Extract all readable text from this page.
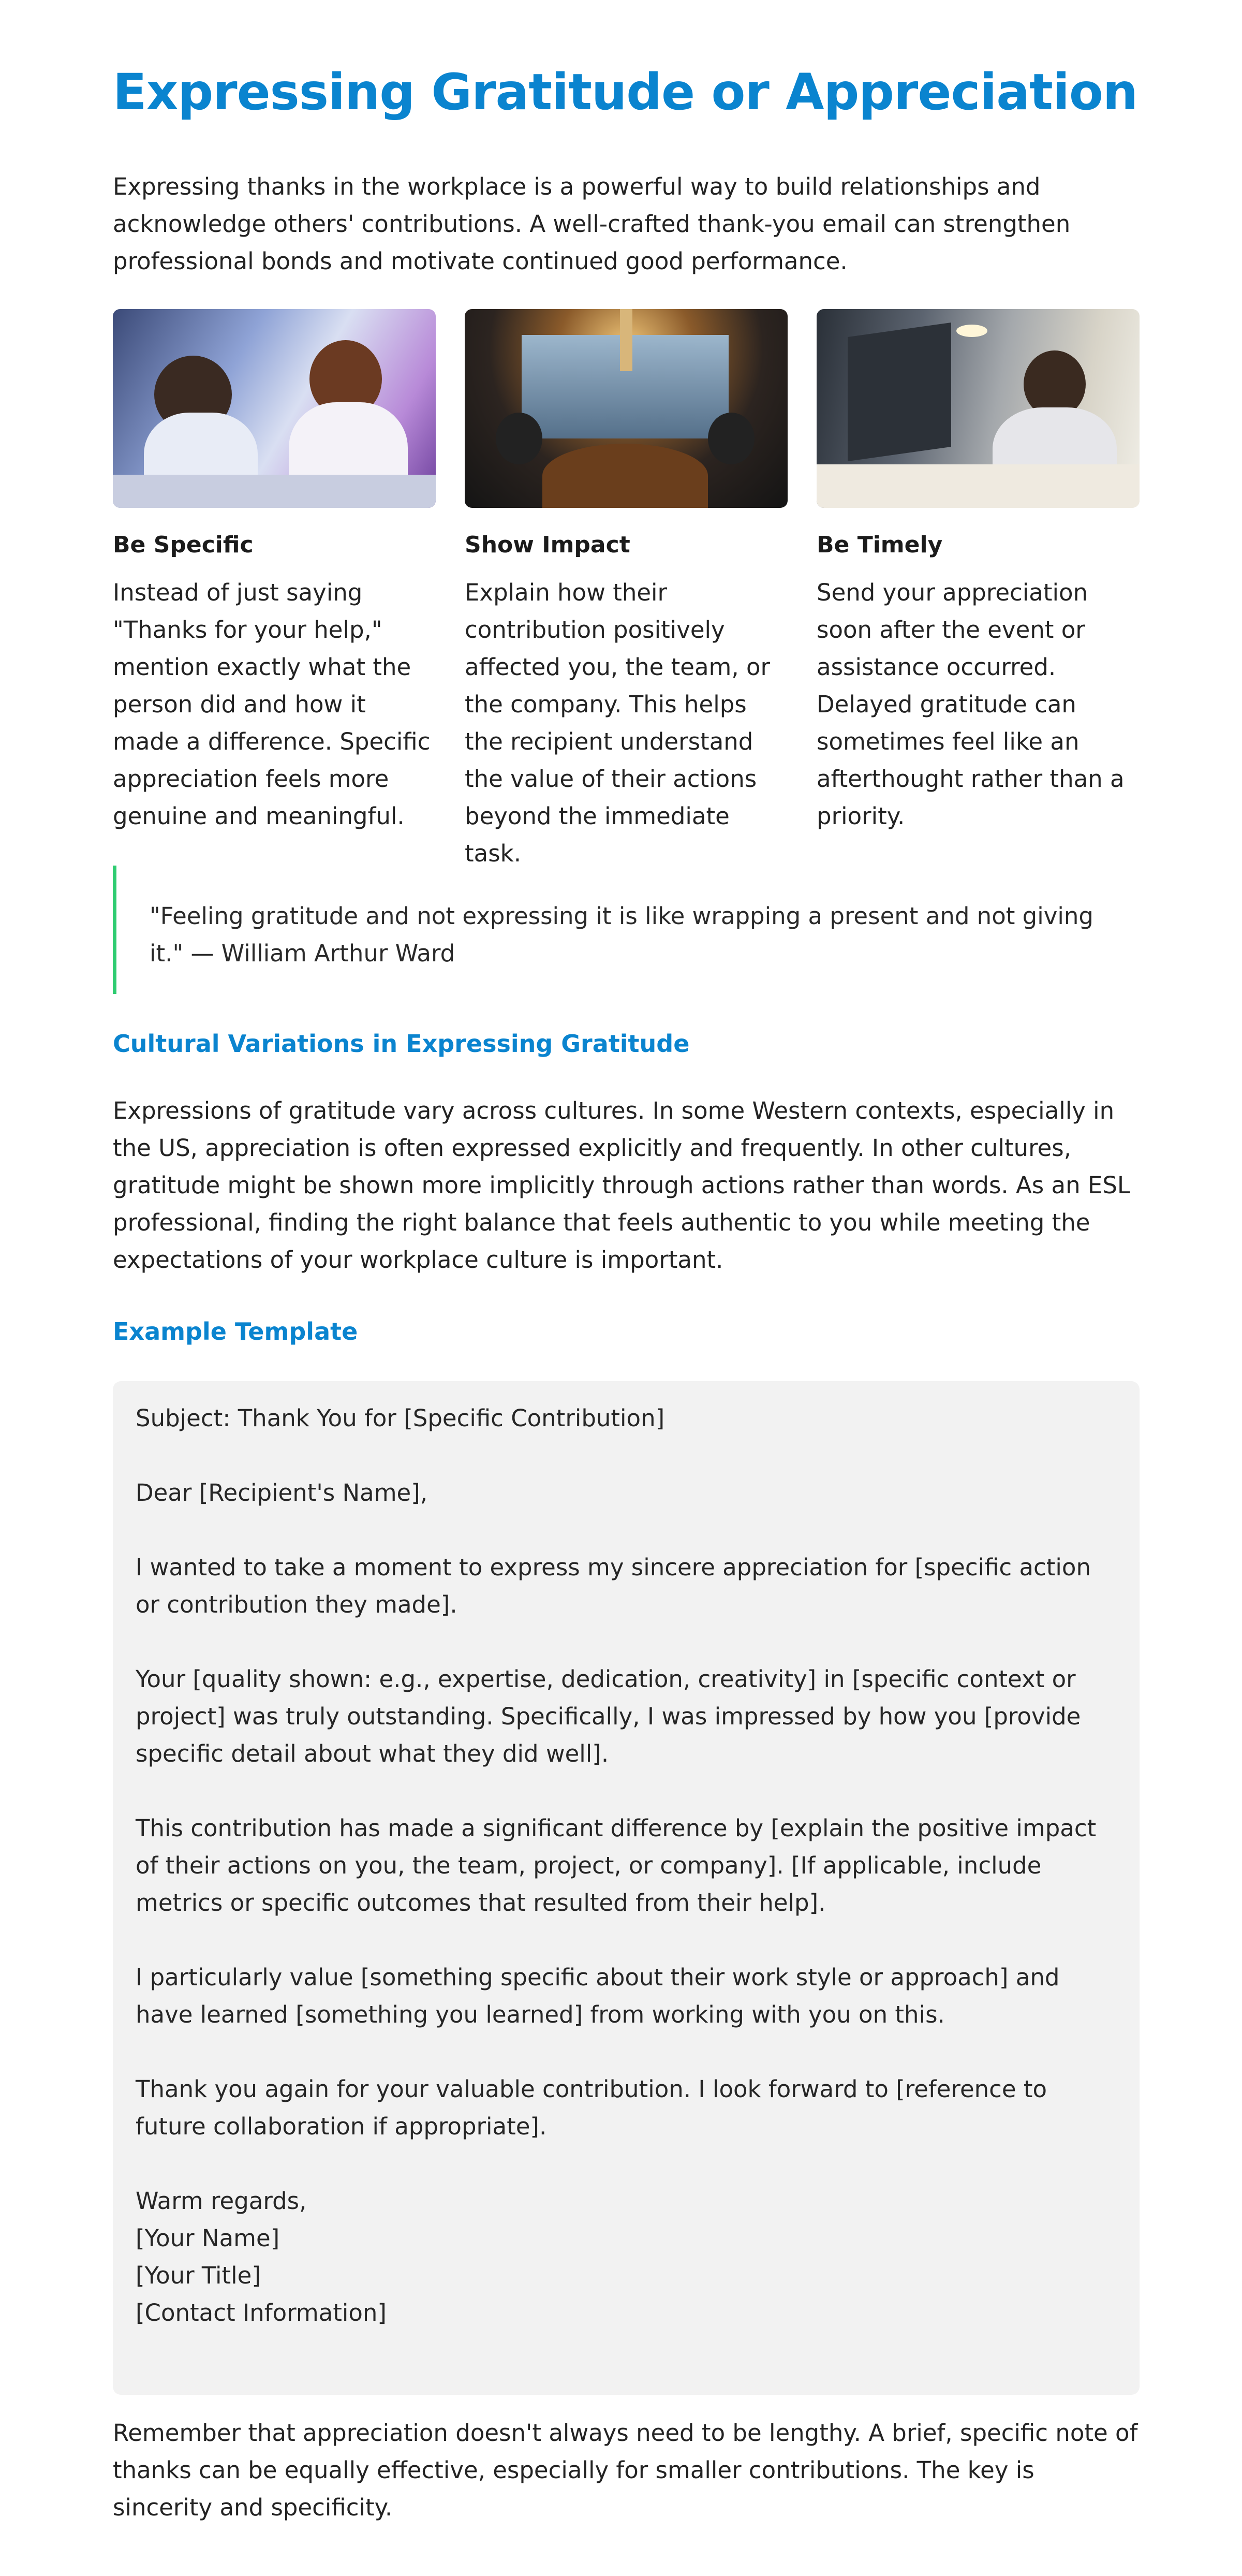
Expressing Gratitude or Appreciation

Expressing thanks in the workplace is a powerful way to build relationships and acknowledge others' contributions. A well-crafted thank-you email can strengthen professional bonds and motivate continued good performance.

Be Specific
Instead of just saying "Thanks for your help," mention exactly what the person did and how it made a difference. Specific appreciation feels more genuine and meaningful.
Show Impact
Explain how their contribution positively affected you, the team, or the company. This helps the recipient understand the value of their actions beyond the immediate task.
Be Timely
Send your appreciation soon after the event or assistance occurred. Delayed gratitude can sometimes feel like an afterthought rather than a priority.
"Feeling gratitude and not expressing it is like wrapping a present and not giving it." — William Arthur Ward
Cultural Variations in Expressing Gratitude

Expressions of gratitude vary across cultures. In some Western contexts, especially in the US, appreciation is often expressed explicitly and frequently. In other cultures, gratitude might be shown more implicitly through actions rather than words. As an ESL professional, finding the right balance that feels authentic to you while meeting the expectations of your workplace culture is important.

Example Template
Subject: Thank You for [Specific Contribution]
Dear [Recipient's Name],
I wanted to take a moment to express my sincere appreciation for [specific action or contribution they made].
Your [quality shown: e.g., expertise, dedication, creativity] in [specific context or project] was truly outstanding. Specifically, I was impressed by how you [provide specific detail about what they did well].
This contribution has made a significant difference by [explain the positive impact of their actions on you, the team, project, or company]. [If applicable, include metrics or specific outcomes that resulted from their help].
I particularly value [something specific about their work style or approach] and have learned [something you learned] from working with you on this.
Thank you again for your valuable contribution. I look forward to [reference to future collaboration if appropriate].
Warm regards,
[Your Name]
[Your Title]
[Contact Information]

Remember that appreciation doesn't always need to be lengthy. A brief, specific note of thanks can be equally effective, especially for smaller contributions. The key is sincerity and specificity.
